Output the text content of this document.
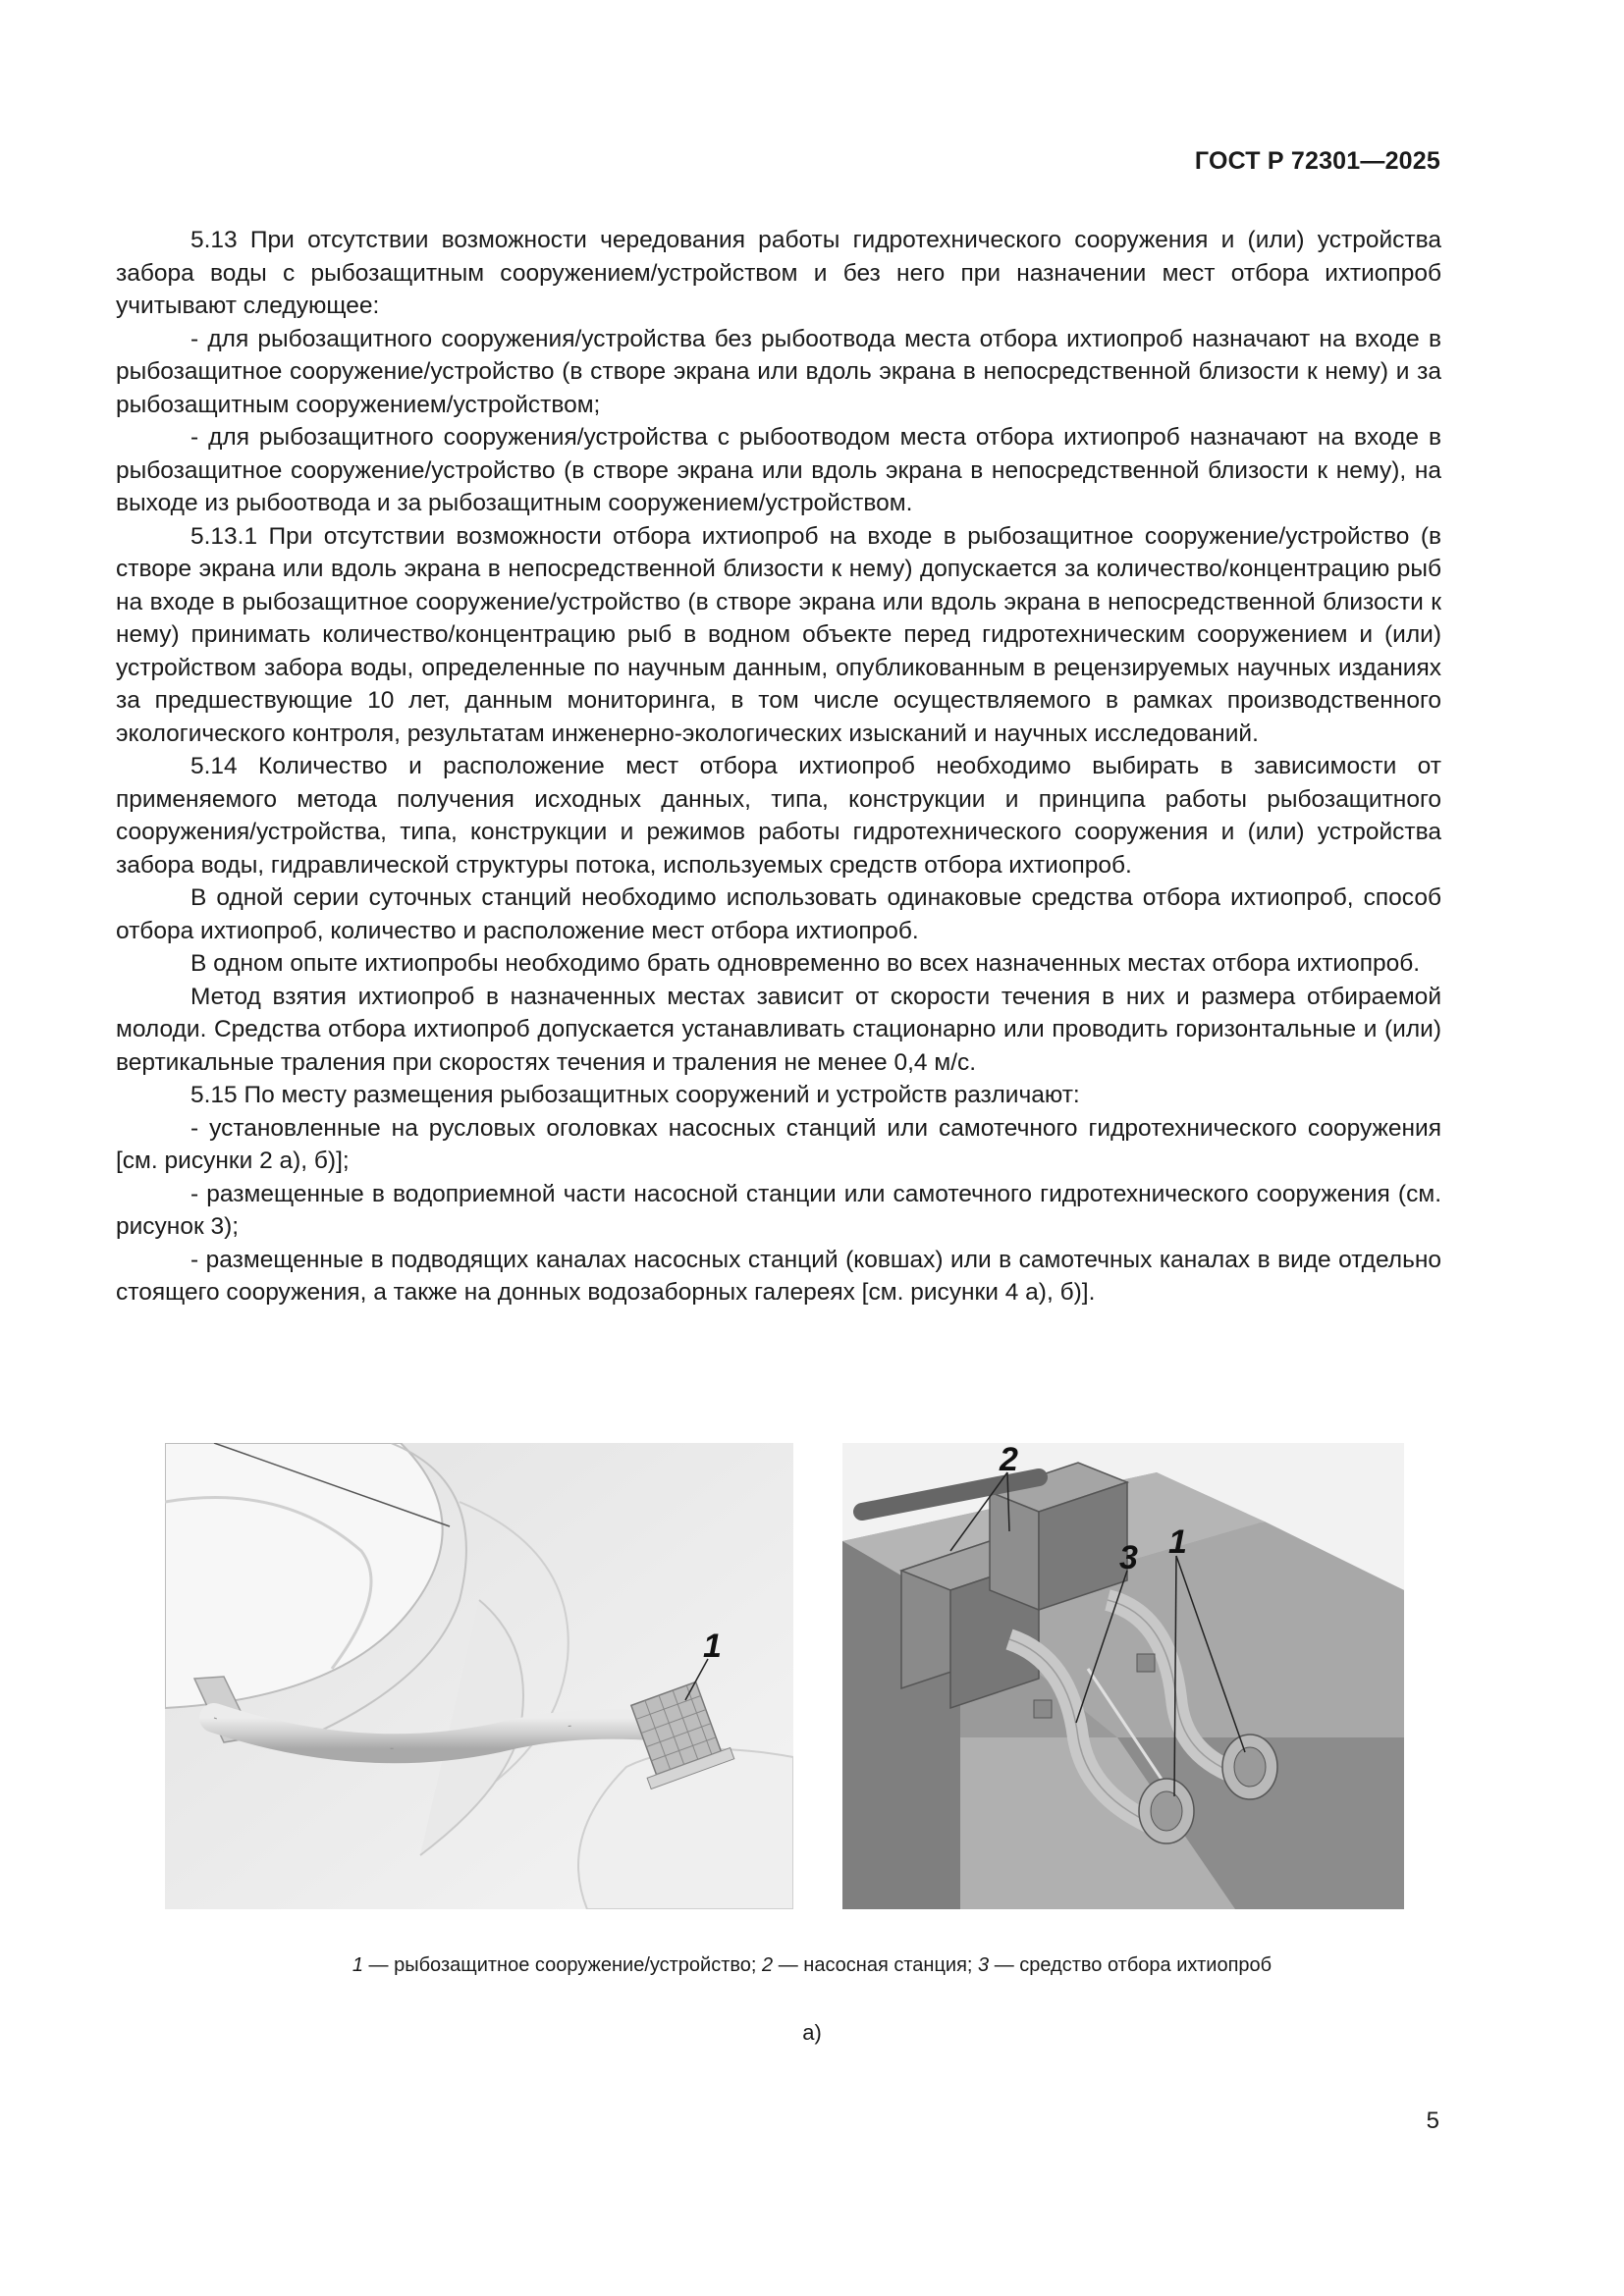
ГОСТ Р 72301—2025

5.13 При отсутствии возможности чередования работы гидротехнического сооружения и (или) устройства забора воды с рыбозащитным сооружением/устройством и без него при назначении мест отбора ихтиопроб учитывают следующее:

- для рыбозащитного сооружения/устройства без рыбоотвода места отбора ихтиопроб назначают на входе в рыбозащитное сооружение/устройство (в створе экрана или вдоль экрана в непосредственной близости к нему) и за рыбозащитным сооружением/устройством;

- для рыбозащитного сооружения/устройства с рыбоотводом места отбора ихтиопроб назначают на входе в рыбозащитное сооружение/устройство (в створе экрана или вдоль экрана в непосредственной близости к нему), на выходе из рыбоотвода и за рыбозащитным сооружением/устройством.

5.13.1 При отсутствии возможности отбора ихтиопроб на входе в рыбозащитное сооружение/устройство (в створе экрана или вдоль экрана в непосредственной близости к нему) допускается за количество/концентрацию рыб на входе в рыбозащитное сооружение/устройство (в створе экрана или вдоль экрана в непосредственной близости к нему) принимать количество/концентрацию рыб в водном объекте перед гидротехническим сооружением и (или) устройством забора воды, определенные по научным данным, опубликованным в рецензируемых научных изданиях за предшествующие 10 лет, данным мониторинга, в том числе осуществляемого в рамках производственного экологического контроля, результатам инженерно-экологических изысканий и научных исследований.

5.14 Количество и расположение мест отбора ихтиопроб необходимо выбирать в зависимости от применяемого метода получения исходных данных, типа, конструкции и принципа работы рыбозащитного сооружения/устройства, типа, конструкции и режимов работы гидротехнического сооружения и (или) устройства забора воды, гидравлической структуры потока, используемых средств отбора ихтиопроб.

В одной серии суточных станций необходимо использовать одинаковые средства отбора ихтиопроб, способ отбора ихтиопроб, количество и расположение мест отбора ихтиопроб.

В одном опыте ихтиопробы необходимо брать одновременно во всех назначенных местах отбора ихтиопроб.

Метод взятия ихтиопроб в назначенных местах зависит от скорости течения в них и размера отбираемой молоди. Средства отбора ихтиопроб допускается устанавливать стационарно или проводить горизонтальные и (или) вертикальные траления при скоростях течения и траления не менее 0,4 м/с.

5.15 По месту размещения рыбозащитных сооружений и устройств различают:

- установленные на русловых оголовках насосных станций или самотечного гидротехнического сооружения [см. рисунки 2 а), б)];

- размещенные в водоприемной части насосной станции или самотечного гидротехнического сооружения (см. рисунок 3);

- размещенные в подводящих каналах насосных станций (ковшах) или в самотечных каналах в виде отдельно стоящего сооружения, а также на донных водозаборных галереях [см. рисунки 4 а), б)].

1
2
3 1
1 — рыбозащитное сооружение/устройство; 2 — насосная станция; 3 — средство отбора ихтиопроб
а)
5
